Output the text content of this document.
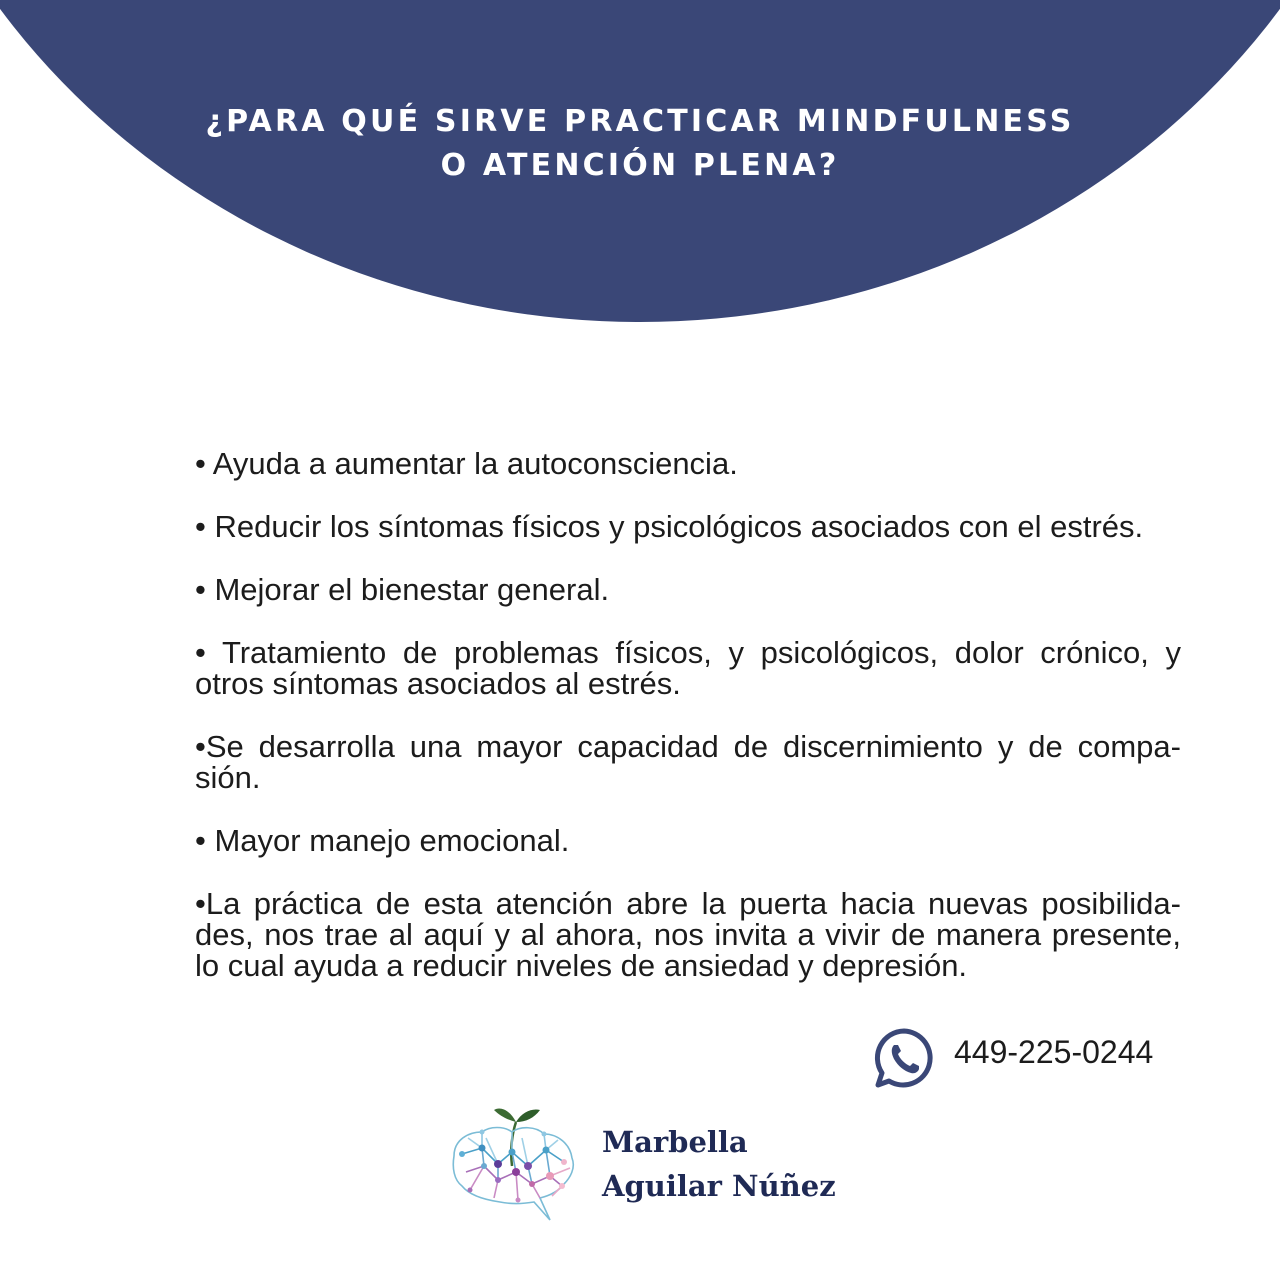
¿PARA QUÉ SIRVE PRACTICAR MINDFULNESS
O ATENCIÓN PLENA?
• Ayuda a aumentar la autoconsciencia.
• Reducir los síntomas físicos y psicológicos asociados con el estrés.
• Mejorar el bienestar general.
• Tratamiento de problemas físicos, y psicológicos, dolor crónico, y otros síntomas asociados al estrés.
•Se desarrolla una mayor capacidad de discernimiento y de compa-sión.
• Mayor manejo emocional.
•La práctica de esta atención abre la puerta hacia nuevas posibilida-des, nos trae al aquí y al ahora, nos invita a vivir de manera presente, lo cual ayuda a reducir niveles de ansiedad y depresión.
449-225-0244
Marbella
Aguilar Núñez
